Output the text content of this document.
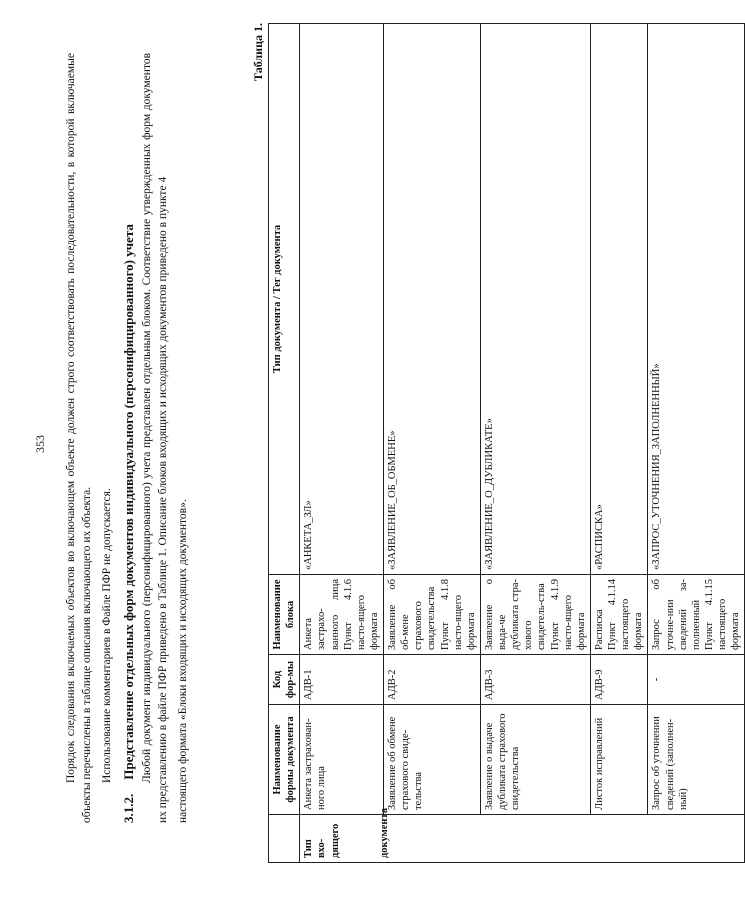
353 Порядок следования включаемых объектов во включающем объекте должен строго соответствовать последовательности, в которой включаемые объекты перечислены в таблице описания включающего их объекта. Использование комментариев в Файле ПФР не допускается.
3.1.2.Представление отдельных форм документов индивидуального (персонифицированного) учета Любой документ индивидуального (персонифицированного) учета представлен отдельным блоком. Соответствие утвержденных форм документов их представлению в файле ПФР приведено в Таблице 1. Описание блоков входящих и исходящих документов приведено в пункте 4 настоящего формата «Блоки входящих и исходящих документов».
Таблица 1.
	Наименование формы документа	Код фор-мы	Наименование блока	Тип документа / Тег документа

Тип вхо-дящего документа	Анкета застрахован-ного лица	АДВ-1	Анкета застрахо-ванного лица Пункт 4.1.6 насто-ящего формата	«АНКЕТА_ЗЛ»
	Заявление об обмене страхового свиде-тельства	АДВ-2	Заявление об об-мене страхового свидетельства Пункт 4.1.8 насто-ящего формата	«ЗАЯВЛЕНИЕ_ОБ_ОБМЕНЕ»
	Заявление о выдаче дубликата страхового свидетельства	АДВ-3	Заявление о выда-че дубликата стра-хового свидетель-ства Пункт 4.1.9 насто-ящего формата	«ЗАЯВЛЕНИЕ_О_ДУБЛИКАТЕ»
	Листок исправлений	АДВ-9	Расписка Пункт 4.1.14 настоящего формата	«РАСПИСКА»
	Запрос об уточнении сведений (заполнен-ный)	-	Запрос об уточне-нии сведений за-полненный Пункт 4.1.15 настоящего формата	«ЗАПРОС_УТОЧНЕНИЯ_ЗАПОЛНЕННЫЙ»
